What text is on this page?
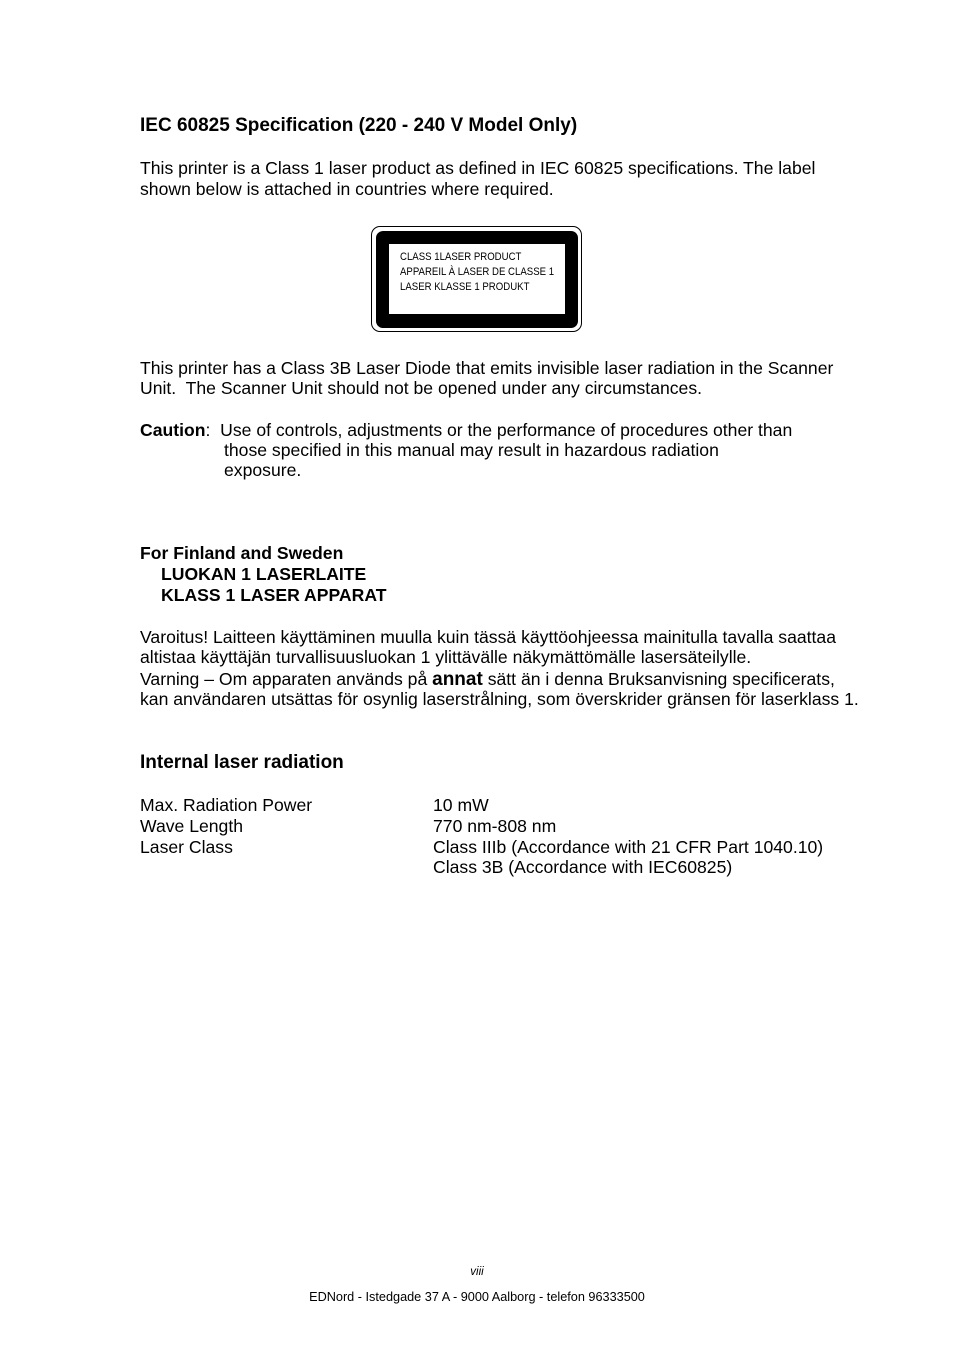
IEC 60825 Specification (220 - 240 V Model Only)
This printer is a Class 1 laser product as defined in IEC 60825 specifications. The label
shown below is attached in countries where required.
CLASS 1LASER PRODUCT
APPAREIL À LASER DE CLASSE 1
LASER KLASSE 1 PRODUKT
This printer has a Class 3B Laser Diode that emits invisible laser radiation in the Scanner
Unit.  The Scanner Unit should not be opened under any circumstances.
Caution:  Use of controls, adjustments or the performance of procedures other than
those specified in this manual may result in hazardous radiation
exposure.
For Finland and Sweden
LUOKAN 1 LASERLAITE
KLASS 1 LASER APPARAT
Varoitus! Laitteen käyttäminen muulla kuin tässä käyttöohjeessa mainitulla tavalla saattaa
altistaa käyttäjän turvallisuusluokan 1 ylittävälle näkymättömälle lasersäteilylle.
Varning – Om apparaten används på annat sätt än i denna Bruksanvisning specificerats,
kan användaren utsättas för osynlig laserstrålning, som överskrider gränsen för laserklass 1.
Internal laser radiation
Max. Radiation Power	10 mW
Wave Length	770 nm-808 nm
Laser Class	Class IIIb (Accordance with 21 CFR Part 1040.10)
Class 3B (Accordance with IEC60825)
viii
EDNord - Istedgade 37 A - 9000 Aalborg - telefon 96333500
